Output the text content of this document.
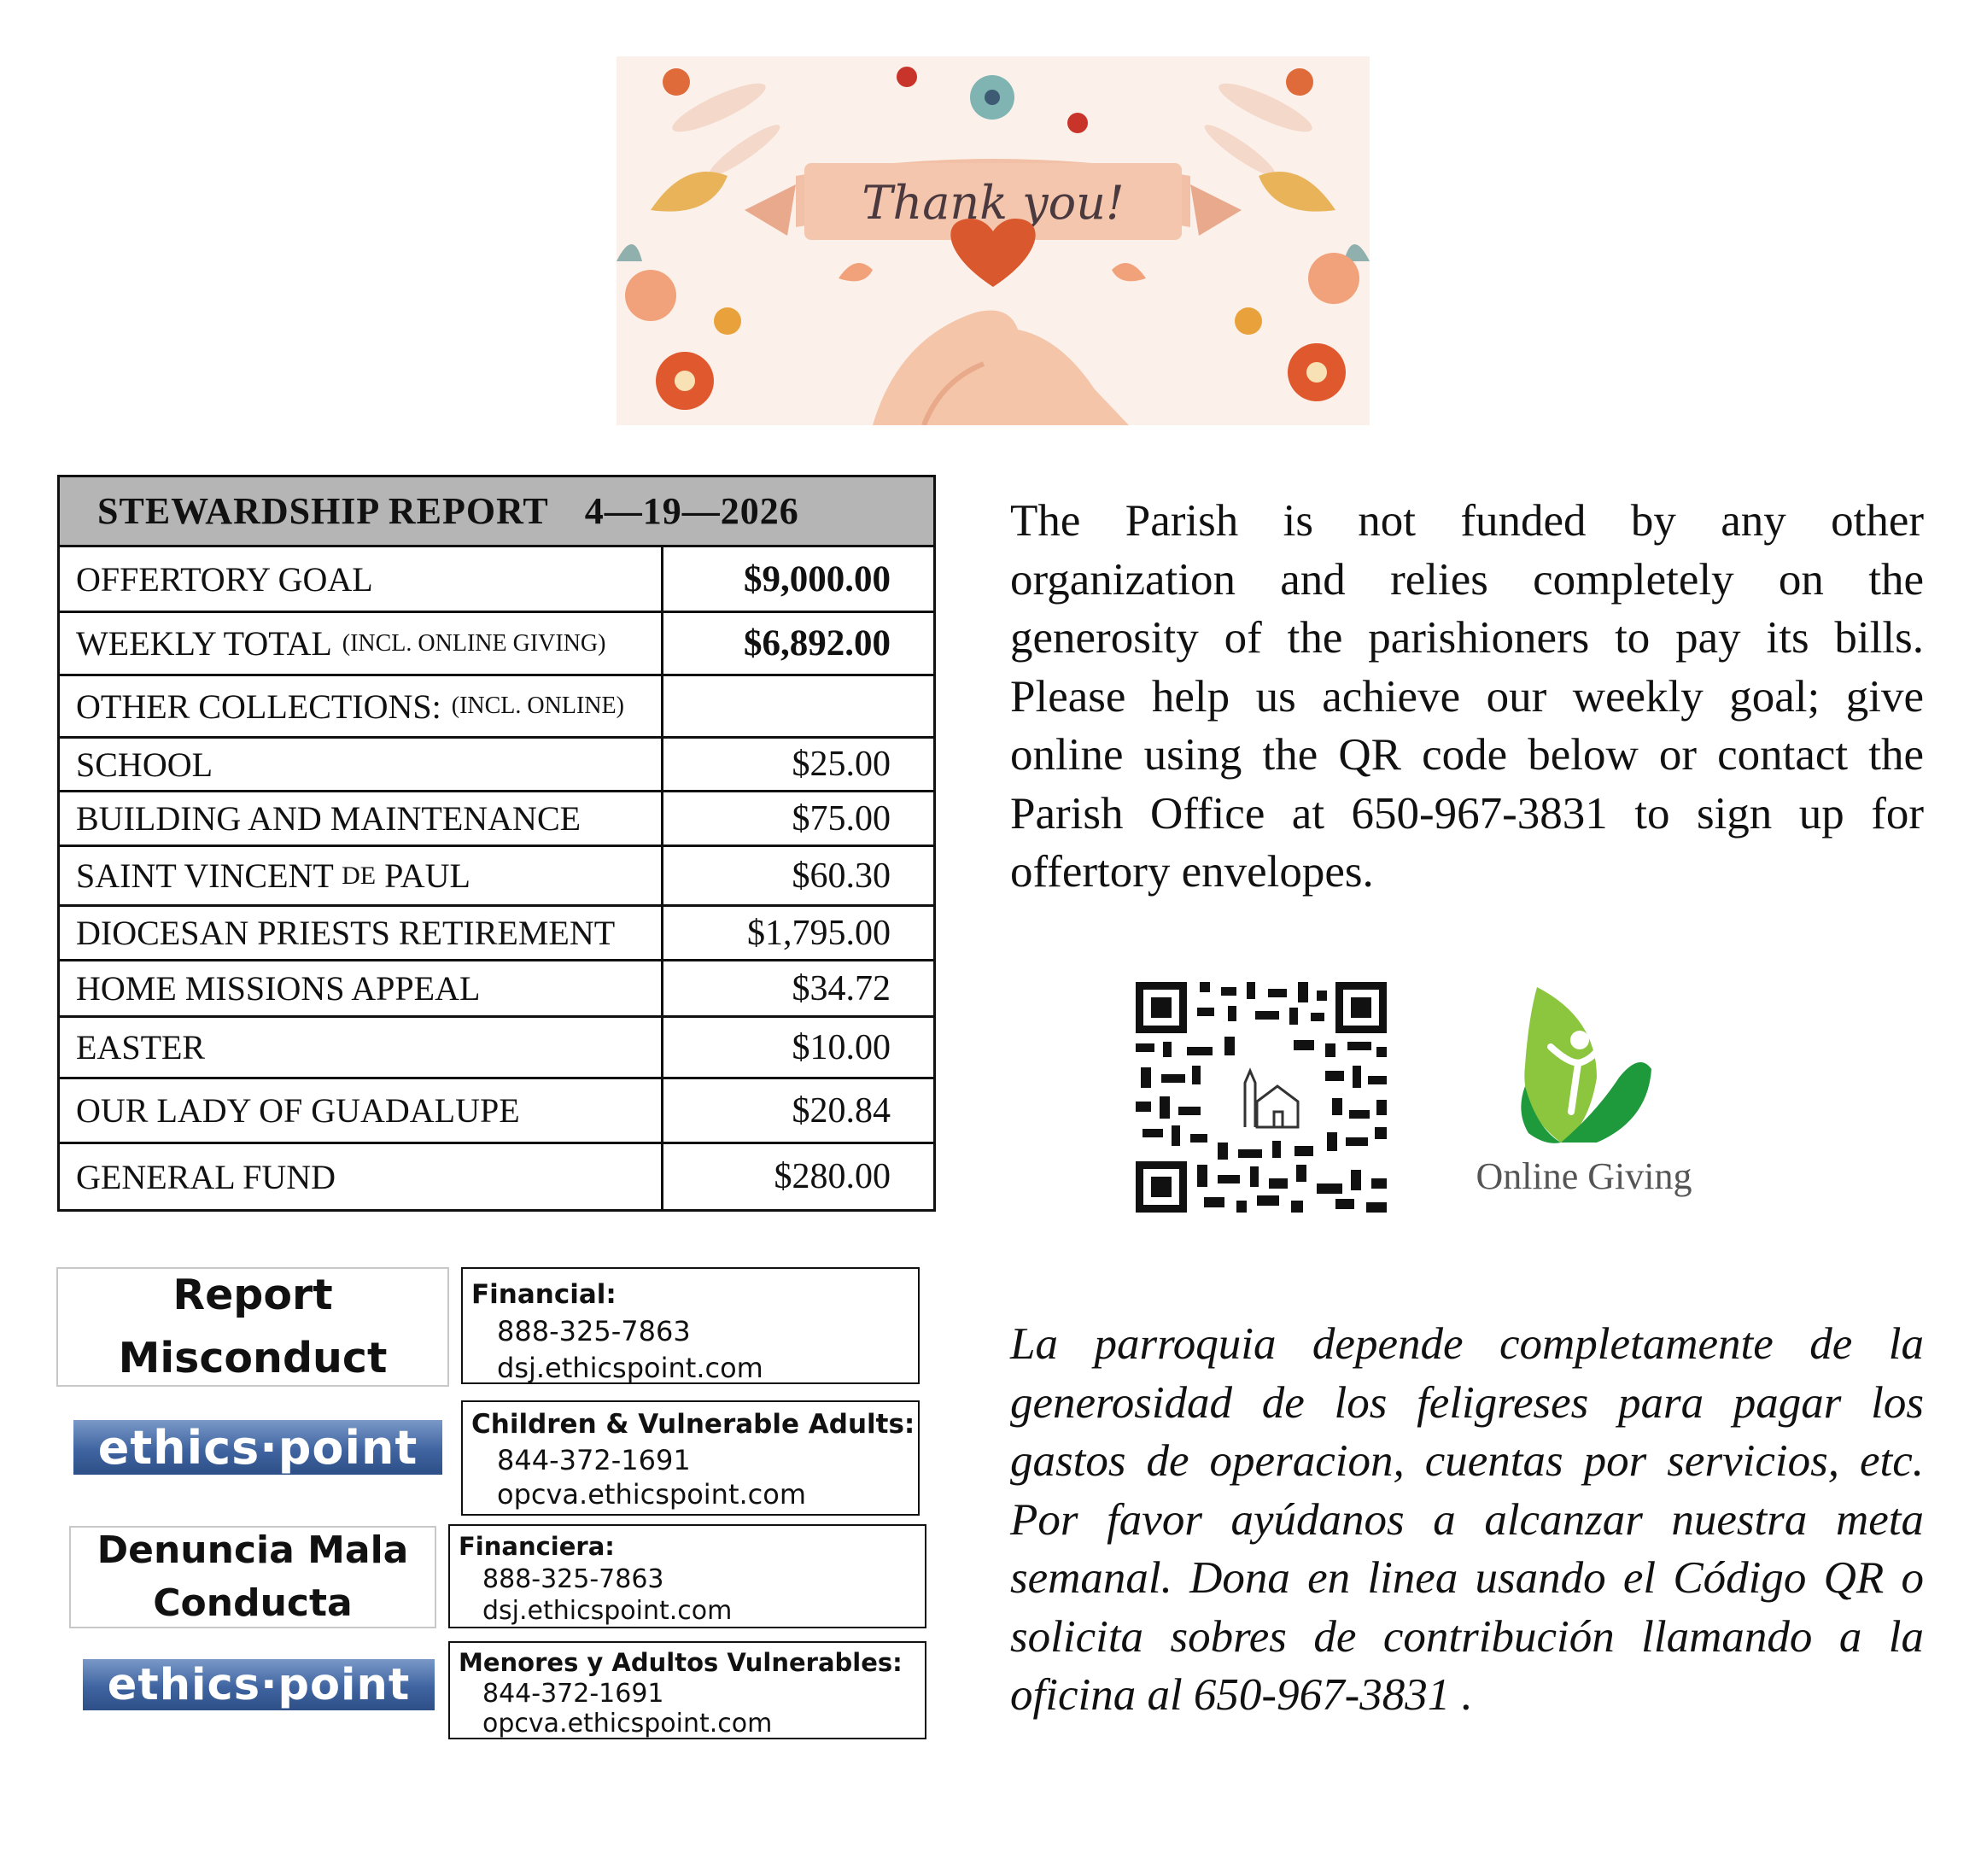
Thank you!
STEWARDSHIP REPORT 4—19—2026
OFFERTORY GOAL	$9,000.00
WEEKLY TOTAL (INCL. ONLINE GIVING)	$6,892.00
OTHER COLLECTIONS: (INCL. ONLINE)
SCHOOL	$25.00
BUILDING AND MAINTENANCE	$75.00
SAINT VINCENT DE PAUL	$60.30
DIOCESAN PRIESTS RETIREMENT	$1,795.00
HOME MISSIONS APPEAL	$34.72
EASTER	$10.00
OUR LADY OF GUADALUPE	$20.84
GENERAL FUND	$280.00

The Parish is not funded by any other organization and relies completely on the generosity of the parishioners to pay its bills. Please help us achieve our weekly goal; give online using the QR code below or contact the Parish Office at 650-967-3831 to sign up for offertory envelopes.

Online Giving

La parroquia depende completamente de la generosidad de los feligreses para pagar los gastos de operacion, cuentas por servicios, etc. Por favor ayúdanos a alcanzar nuestra meta semanal. Dona en linea usando el Código QR o solicita sobres de contribución llamando a la oficina al 650-967-3831 .

Report
Misconduct
Financial:
888-325-7863
dsj.ethicspoint.com
ethics·point	Children & Vulnerable Adults:
844-372-1691
opcva.ethicspoint.com
Denuncia Mala
Conducta
Financiera:
888-325-7863
dsj.ethicspoint.com
ethics·point	Menores y Adultos Vulnerables:
844-372-1691
opcva.ethicspoint.com
